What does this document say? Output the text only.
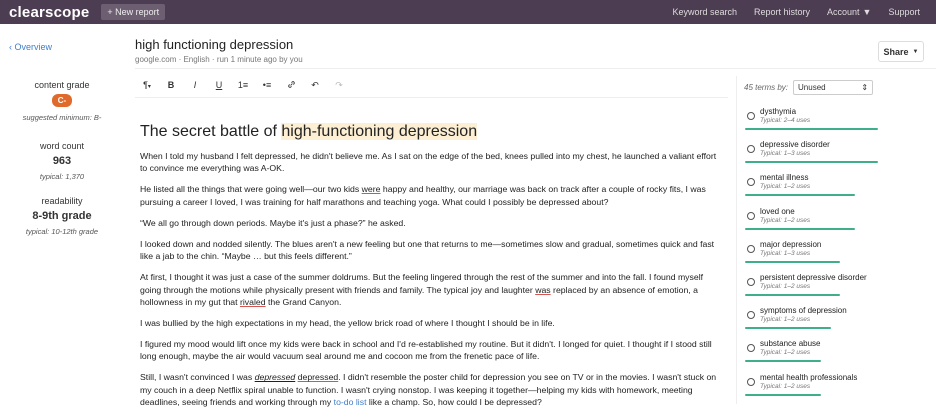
clearscope	+ New report	Keyword search Report history Account ▼ Support
‹ Overview
content grade
C-
suggested minimum: B-
word count
963
typical: 1,370
readability
8-9th grade
typical: 10-12th grade
high functioning depression
google.com · English · run 1 minute ago by you
Share ▼
¶▾	B	I	U	1≡	•≡	↶	↷
The secret battle of high-functioning depression
When I told my husband I felt depressed, he didn't believe me. As I sat on the edge of the bed, knees pulled into my chest, he launched a valiant effort to convince me everything was A-OK.
He listed all the things that were going well—our two kids were happy and healthy, our marriage was back on track after a couple of rocky fits, I was pursuing a career I loved, I was training for half marathons and teaching yoga. What could I possibly be depressed about?
“We all go through down periods. Maybe it's just a phase?” he asked.
I looked down and nodded silently. The blues aren't a new feeling but one that returns to me—sometimes slow and gradual, sometimes quick and fast like a jab to the chin. “Maybe … but this feels different.”
At first, I thought it was just a case of the summer doldrums. But the feeling lingered through the rest of the summer and into the fall. I found myself going through the motions while physically present with friends and family. The typical joy and laughter was replaced by an absence of emotion, a hollowness in my gut that rivaled the Grand Canyon.
I was bullied by the high expectations in my head, the yellow brick road of where I thought I should be in life.
I figured my mood would lift once my kids were back in school and I'd re-established my routine. But it didn't. I longed for quiet. I thought if I stood still long enough, maybe the air would vacuum seal around me and cocoon me from the frenetic pace of life.
Still, I wasn't convinced I was depressed depressed. I didn't resemble the poster child for depression you see on TV or in the movies. I wasn't stuck on my couch in a deep Netflix spiral unable to function. I wasn't crying nonstop. I was keeping it together—helping my kids with homework, meeting deadlines, seeing friends and working through my to-do list like a champ. So, how could I be depressed?
45 terms by: Unused	⇕
dysthymia
Typical: 2–4 uses
depressive disorder
Typical: 1–3 uses
mental illness
Typical: 1–2 uses
loved one
Typical: 1–2 uses
major depression
Typical: 1–3 uses
persistent depressive disorder
Typical: 1–2 uses
symptoms of depression
Typical: 1–2 uses
substance abuse
Typical: 1–2 uses
mental health professionals
Typical: 1–2 uses
